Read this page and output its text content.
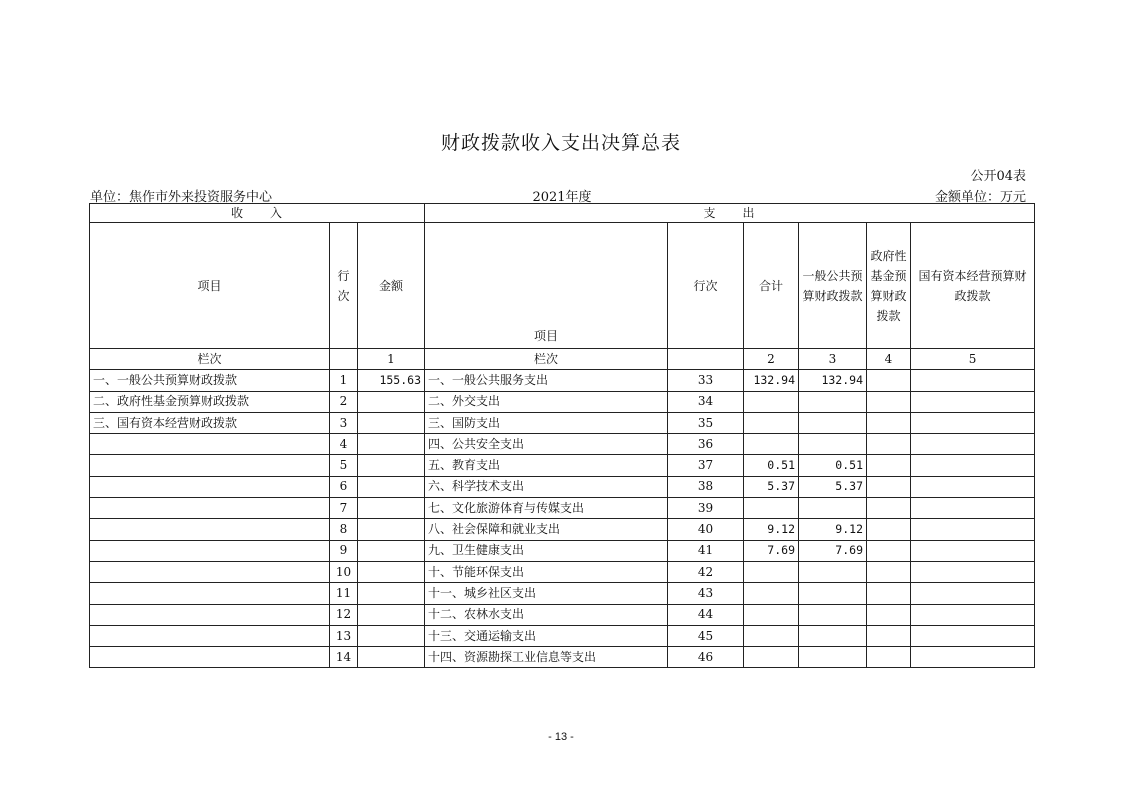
财政拨款收入支出决算总表
公开04表
单位：焦作市外来投资服务中心	2021年度	金额单位：万元
收　　入			支　　出					
项目	行次	金额	项目	行次	合计	一般公共预算财政拨款	政府性基金预算财政拨款	国有资本经营预算财政拨款
栏次		1	栏次		2	3	4	5
一、一般公共预算财政拨款	1	155.63	一、一般公共服务支出	33	132.94	132.94		
二、政府性基金预算财政拨款	2		二、外交支出	34				
三、国有资本经营财政拨款	3		三、国防支出	35				
	4		四、公共安全支出	36				
	5		五、教育支出	37	0.51	0.51		
	6		六、科学技术支出	38	5.37	5.37		
	7		七、文化旅游体育与传媒支出	39				
	8		八、社会保障和就业支出	40	9.12	9.12		
	9		九、卫生健康支出	41	7.69	7.69		
	10		十、节能环保支出	42				
	11		十一、城乡社区支出	43				
	12		十二、农林水支出	44				
	13		十三、交通运输支出	45				
	14		十四、资源勘探工业信息等支出	46				
- 13 -
